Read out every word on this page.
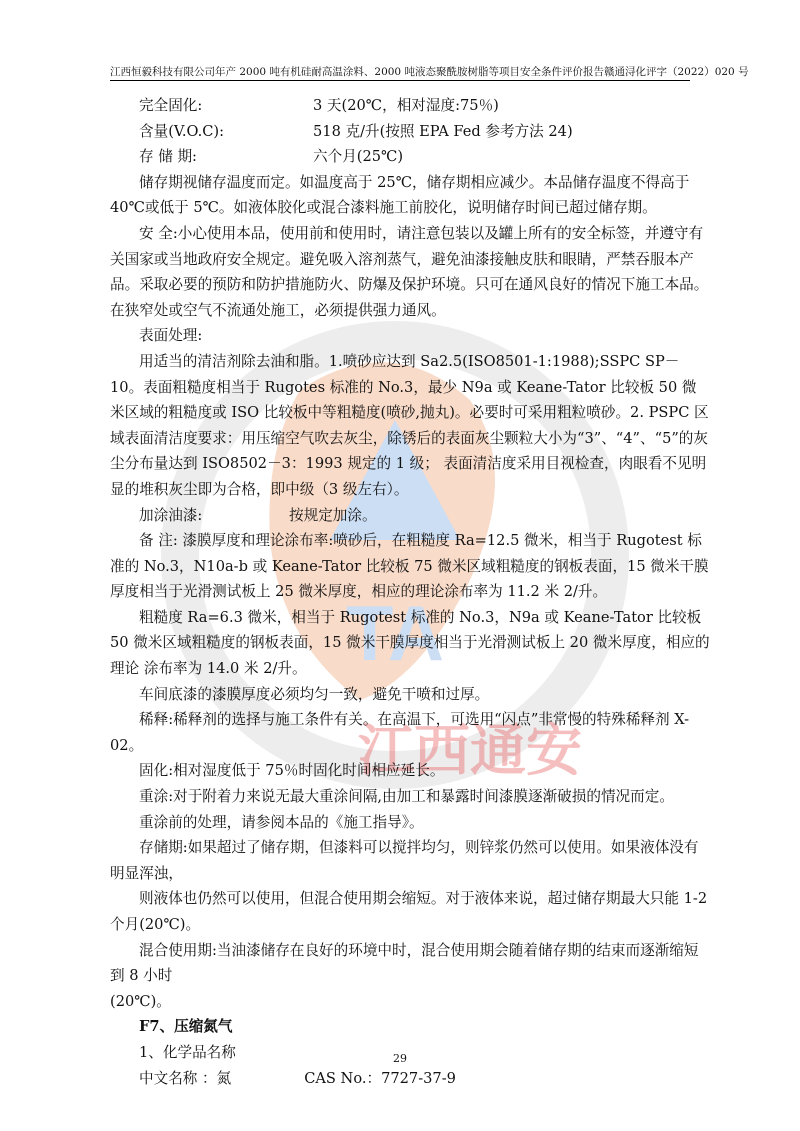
TA
江西通安
江西恒毅科技有限公司年产 2000 吨有机硅耐高温涂料、2000 吨液态聚酰胺树脂等项目安全条件评价报告 赣通浔化评字（2022）020 号
完全固化:	3 天(20℃，相对湿度:75％)
含量(V.O.C):	518 克/升(按照 EPA Fed 参考方法 24)
存 储 期:	六个月(25℃)

储存期视储存温度而定。如温度高于 25℃，储存期相应减少。本品储存温度不得高于 40℃或低于 5℃。如液体胶化或混合漆料施工前胶化，说明储存时间已超过储存期。

安 全:小心使用本品，使用前和使用时，请注意包装以及罐上所有的安全标签，并遵守有关国家或当地政府安全规定。避免吸入溶剂蒸气，避免油漆接触皮肤和眼睛，严禁吞服本产品。采取必要的预防和防护措施防火、防爆及保护环境。只可在通风良好的情况下施工本品。在狭窄处或空气不流通处施工，必须提供强力通风。

表面处理:

用适当的清洁剂除去油和脂。1.喷砂应达到 Sa2.5(ISO8501-1:1988);SSPC SP－10。表面粗糙度相当于 Rugotes 标准的 No.3，最少 N9a 或 Keane-Tator 比较板 50 微米区域的粗糙度或 ISO 比较板中等粗糙度(喷砂,抛丸)。必要时可采用粗粒喷砂。2. PSPC 区域表面清洁度要求：用压缩空气吹去灰尘，除锈后的表面灰尘颗粒大小为“3”、“4”、“5”的灰尘分布量达到 ISO8502－3：1993 规定的 1 级； 表面清洁度采用目视检查，肉眼看不见明显的堆积灰尘即为合格，即中级（3 级左右）。

加涂油漆:	按规定加涂。

备 注: 漆膜厚度和理论涂布率:喷砂后，在粗糙度 Ra=12.5 微米，相当于 Rugotest 标准的 No.3，N10a-b 或 Keane-Tator 比较板 75 微米区域粗糙度的钢板表面，15 微米干膜厚度相当于光滑测试板上 25 微米厚度，相应的理论涂布率为 11.2 米 2/升。

粗糙度 Ra=6.3 微米，相当于 Rugotest 标准的 No.3，N9a 或 Keane-Tator 比较板 50 微米区域粗糙度的钢板表面，15 微米干膜厚度相当于光滑测试板上 20 微米厚度，相应的理论 涂布率为 14.0 米 2/升。

车间底漆的漆膜厚度必须均匀一致，避免干喷和过厚。

稀释:稀释剂的选择与施工条件有关。在高温下，可选用“闪点”非常慢的特殊稀释剂 X-02。

固化:相对湿度低于 75％时固化时间相应延长。

重涂:对于附着力来说无最大重涂间隔,由加工和暴露时间漆膜逐渐破损的情况而定。

重涂前的处理，请参阅本品的《施工指导》。

存储期:如果超过了储存期，但漆料可以搅拌均匀，则锌浆仍然可以使用。如果液体没有明显浑浊，

则液体也仍然可以使用，但混合使用期会缩短。对于液体来说，超过储存期最大只能 1-2 个月(20℃)。

混合使用期:当油漆储存在良好的环境中时，混合使用期会随着储存期的结束而逐渐缩短到 8 小时

(20℃)。

F7、压缩氮气

1、化学品名称

中文名称 ：氮	CAS No.：7727-37-9

29
